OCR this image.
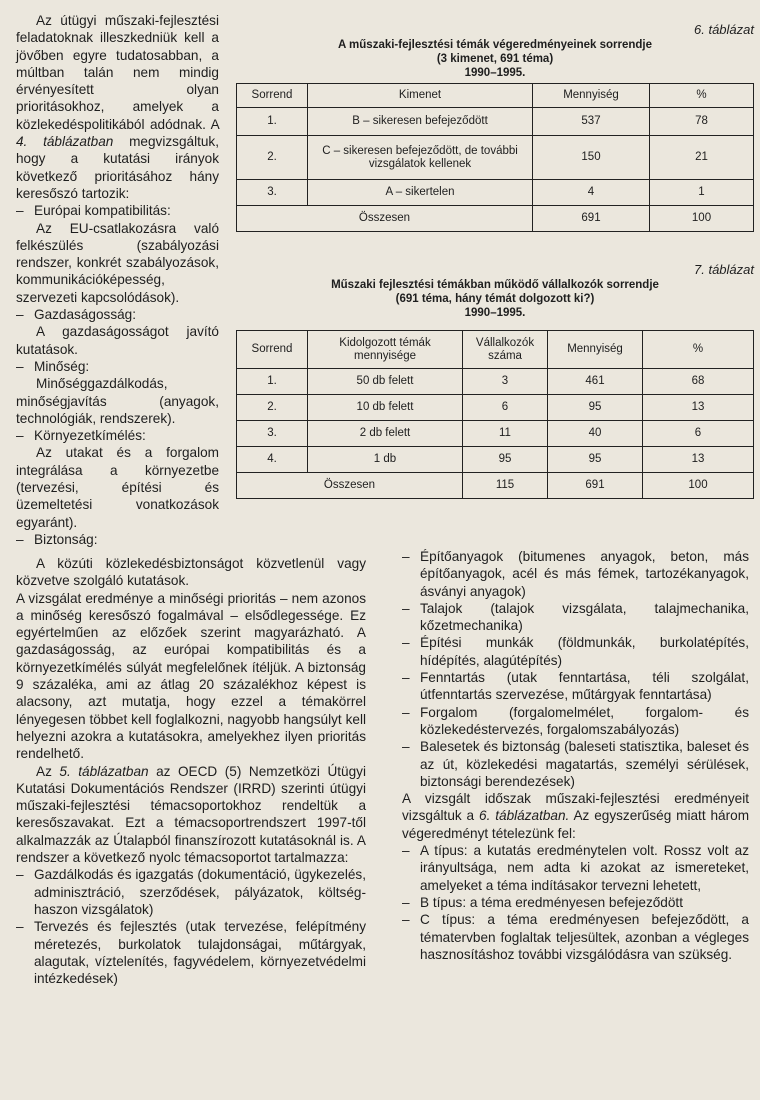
Az útügyi műszaki-fejlesztési feladatoknak illeszkedniük kell a jövőben egyre tudatosabban, a múltban talán nem mindig érvényesített olyan prioritásokhoz, amelyek a közlekedéspolitikából adódnak. A 4. táblázatban megvizsgáltuk, hogy a kutatási irányok következő prioritásához hány keresőszó tartozik:

– Európai kompatibilitás:

Az EU-csatlakozásra való felkészülés (szabályozási rendszer, konkrét szabályozások, kommunikációképesség, szervezeti kapcsolódások).

– Gazdaságosság:

A gazdaságosságot javító kutatások.

– Minőség:

Minőséggazdálkodás, minőségjavítás (anyagok, technológiák, rendszerek).

– Környezetkímélés:

Az utakat és a forgalom integrálása a környezetbe (tervezési, építési és üzemeltetési vonatkozások egyaránt).

– Biztonság:

A közúti közlekedésbiztonságot közvetlenül vagy közvetve szolgáló kutatások.

A vizsgálat eredménye a minőségi prioritás – nem azonos a minőség keresőszó fogalmával – elsődlegessége. Ez egyértelműen az előzőek szerint magyarázható. A gazdaságosság, az európai kompatibilitás és a környezetkímélés súlyát megfelelőnek ítéljük. A biztonság 9 százaléka, ami az átlag 20 százalékhoz képest is alacsony, azt mutatja, hogy ezzel a témakörrel lényegesen többet kell foglalkozni, nagyobb hangsúlyt kell helyezni azokra a kutatásokra, amelyekhez ilyen prioritás rendelhető.

Az 5. táblázatban az OECD (5) Nemzetközi Útügyi Kutatási Dokumentációs Rendszer (IRRD) szerinti útügyi műszaki-fejlesztési témacsoportokhoz rendeltük a keresőszavakat. Ezt a témacsoportrendszert 1997-től alkalmazzák az Útalapból finanszírozott kutatásoknál is. A rendszer a következő nyolc témacsoportot tartalmazza:

– Gazdálkodás és igazgatás (dokumentáció, ügykezelés, adminisztráció, szerződések, pályázatok, költség-haszon vizsgálatok)

– Tervezés és fejlesztés (utak tervezése, felépítmény méretezés, burkolatok tulajdonságai, műtárgyak, alagutak, víztelenítés, fagyvédelem, környezetvédelmi intézkedések)

6. táblázat
A műszaki-fejlesztési témák végeredményeinek sorrendje
(3 kimenet, 691 téma)
1990–1995.
Sorrend	Kimenet	Mennyiség	%
1.	B – sikeresen befejeződött	537	78
2.	C – sikeresen befejeződött, de további vizsgálatok kellenek	150	21
3.	A – sikertelen	4	1
Összesen		691	100
7. táblázat
Műszaki fejlesztési témákban működő vállalkozók sorrendje
(691 téma, hány témát dolgozott ki?)
1990–1995.
Sorrend	Kidolgozott témák mennyisége	Vállalkozók száma	Mennyiség	%
1.	50 db felett	3	461	68
2.	10 db felett	6	95	13
3.	2 db felett	11	40	6
4.	1 db	95	95	13
Összesen		115	691	100

– Építőanyagok (bitumenes anyagok, beton, más építőanyagok, acél és más fémek, tartozékanyagok, ásványi anyagok)

– Talajok (talajok vizsgálata, talajmechanika, kőzetmechanika)

– Építési munkák (földmunkák, burkolatépítés, hídépítés, alagútépítés)

– Fenntartás (utak fenntartása, téli szolgálat, útfenntartás szervezése, műtárgyak fenntartása)

– Forgalom (forgalomelmélet, forgalom- és közlekedéstervezés, forgalomszabályozás)

– Balesetek és biztonság (baleseti statisztika, baleset és az út, közlekedési magatartás, személyi sérülések, biztonsági berendezések)

A vizsgált időszak műszaki-fejlesztési eredményeit vizsgáltuk a 6. táblázatban. Az egyszerűség miatt három végeredményt tételezünk fel:

– A típus: a kutatás eredménytelen volt. Rossz volt az irányultsága, nem adta ki azokat az ismereteket, amelyeket a téma indításakor tervezni lehetett,

– B típus: a téma eredményesen befejeződött

– C típus: a téma eredményesen befejeződött, a tématervben foglaltak teljesültek, azonban a végleges hasznosításhoz további vizsgálódásra van szükség.
